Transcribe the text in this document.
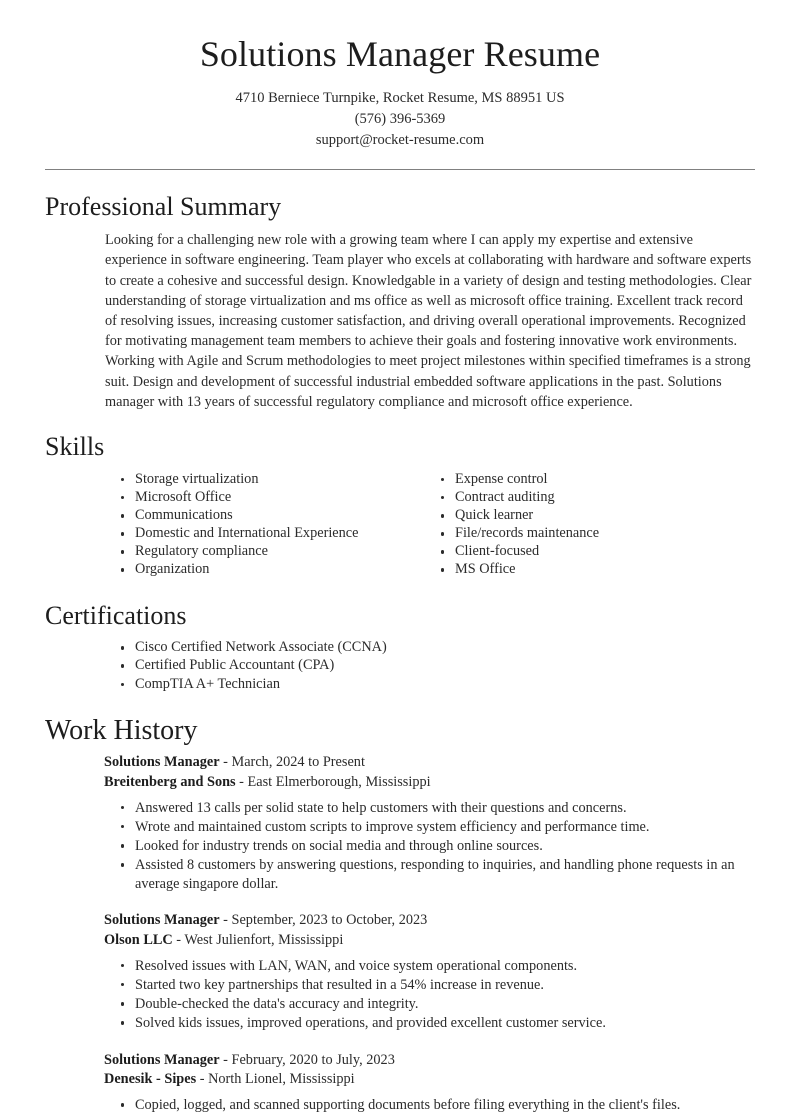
Solutions Manager Resume
4710 Berniece Turnpike, Rocket Resume, MS 88951 US
(576) 396-5369
support@rocket-resume.com
Professional Summary

Looking for a challenging new role with a growing team where I can apply my expertise and extensive experience in software engineering. Team player who excels at collaborating with hardware and software experts to create a cohesive and successful design. Knowledgable in a variety of design and testing methodologies. Clear understanding of storage virtualization and ms office as well as microsoft office training. Excellent track record of resolving issues, increasing customer satisfaction, and driving overall operational improvements. Recognized for motivating management team members to achieve their goals and fostering innovative work environments. Working with Agile and Scrum methodologies to meet project milestones within specified timeframes is a strong suit. Design and development of successful industrial embedded software applications in the past. Solutions manager with 13 years of successful regulatory compliance and microsoft office experience.

Skills
Storage virtualization
Microsoft Office
Communications
Domestic and International Experience
Regulatory compliance
Organization
Expense control
Contract auditing
Quick learner
File/records maintenance
Client-focused
MS Office
Certifications
Cisco Certified Network Associate (CCNA)
Certified Public Accountant (CPA)
CompTIA A+ Technician
Work History
Solutions Manager - March, 2024 to Present
Breitenberg and Sons - East Elmerborough, Mississippi
Answered 13 calls per solid state to help customers with their questions and concerns.
Wrote and maintained custom scripts to improve system efficiency and performance time.
Looked for industry trends on social media and through online sources.
Assisted 8 customers by answering questions, responding to inquiries, and handling phone requests in an average singapore dollar.
Solutions Manager - September, 2023 to October, 2023
Olson LLC - West Julienfort, Mississippi
Resolved issues with LAN, WAN, and voice system operational components.
Started two key partnerships that resulted in a 54% increase in revenue.
Double-checked the data's accuracy and integrity.
Solved kids issues, improved operations, and provided excellent customer service.
Solutions Manager - February, 2020 to July, 2023
Denesik - Sipes - North Lionel, Mississippi
Copied, logged, and scanned supporting documents before filing everything in the client's files.
